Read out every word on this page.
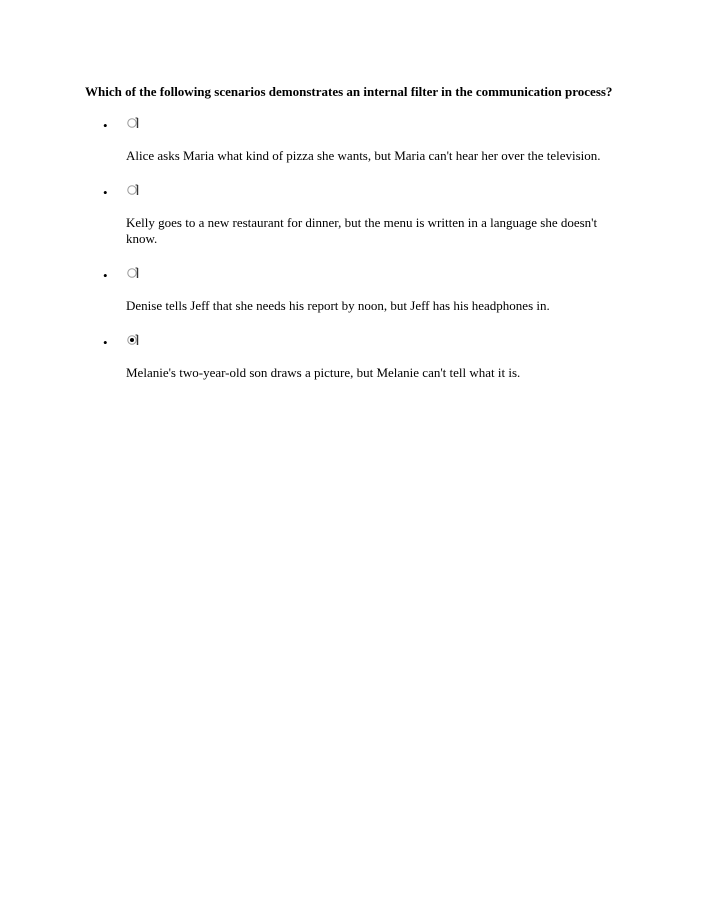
Which of the following scenarios demonstrates an internal filter in the communication process?

•
Alice asks Maria what kind of pizza she wants, but Maria can't hear her over the television.
•
Kelly goes to a new restaurant for dinner, but the menu is written in a language she doesn't know.
•
Denise tells Jeff that she needs his report by noon, but Jeff has his headphones in.
•
Melanie's two-year-old son draws a picture, but Melanie can't tell what it is.
